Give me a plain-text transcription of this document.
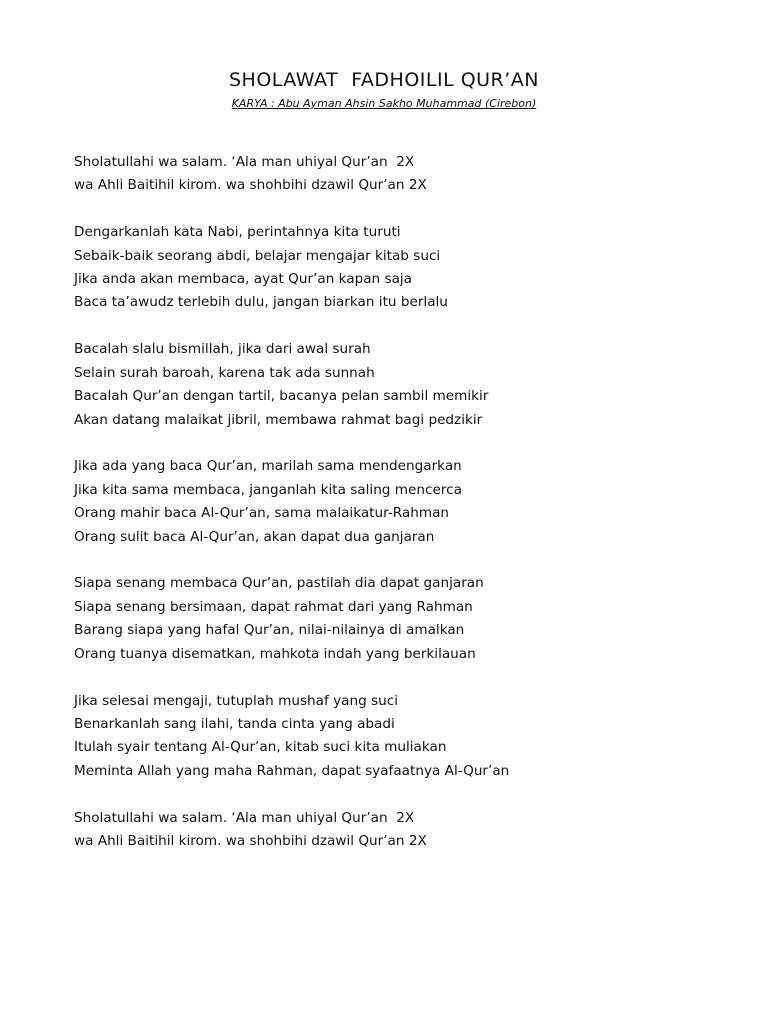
SHOLAWAT  FADHOILIL QUR’AN
KARYA : Abu Ayman Ahsin Sakho Muhammad (Cirebon)
Sholatullahi wa salam. ‘Ala man uhiyal Qur’an  2X
wa Ahli Baitihil kirom. wa shohbihi dzawil Qur’an 2X
Dengarkanlah kata Nabi, perintahnya kita turuti
Sebaik-baik seorang abdi, belajar mengajar kitab suci
Jika anda akan membaca, ayat Qur’an kapan saja
Baca ta’awudz terlebih dulu, jangan biarkan itu berlalu
Bacalah slalu bismillah, jika dari awal surah
Selain surah baroah, karena tak ada sunnah
Bacalah Qur’an dengan tartil, bacanya pelan sambil memikir
Akan datang malaikat jibril, membawa rahmat bagi pedzikir
Jika ada yang baca Qur’an, marilah sama mendengarkan
Jika kita sama membaca, janganlah kita saling mencerca
Orang mahir baca Al-Qur’an, sama malaikatur-Rahman
Orang sulit baca Al-Qur’an, akan dapat dua ganjaran
Siapa senang membaca Qur’an, pastilah dia dapat ganjaran
Siapa senang bersimaan, dapat rahmat dari yang Rahman
Barang siapa yang hafal Qur’an, nilai-nilainya di amalkan
Orang tuanya disematkan, mahkota indah yang berkilauan
Jika selesai mengaji, tutuplah mushaf yang suci
Benarkanlah sang ilahi, tanda cinta yang abadi
Itulah syair tentang Al-Qur’an, kitab suci kita muliakan
Meminta Allah yang maha Rahman, dapat syafaatnya Al-Qur’an
Sholatullahi wa salam. ‘Ala man uhiyal Qur’an  2X
wa Ahli Baitihil kirom. wa shohbihi dzawil Qur’an 2X
